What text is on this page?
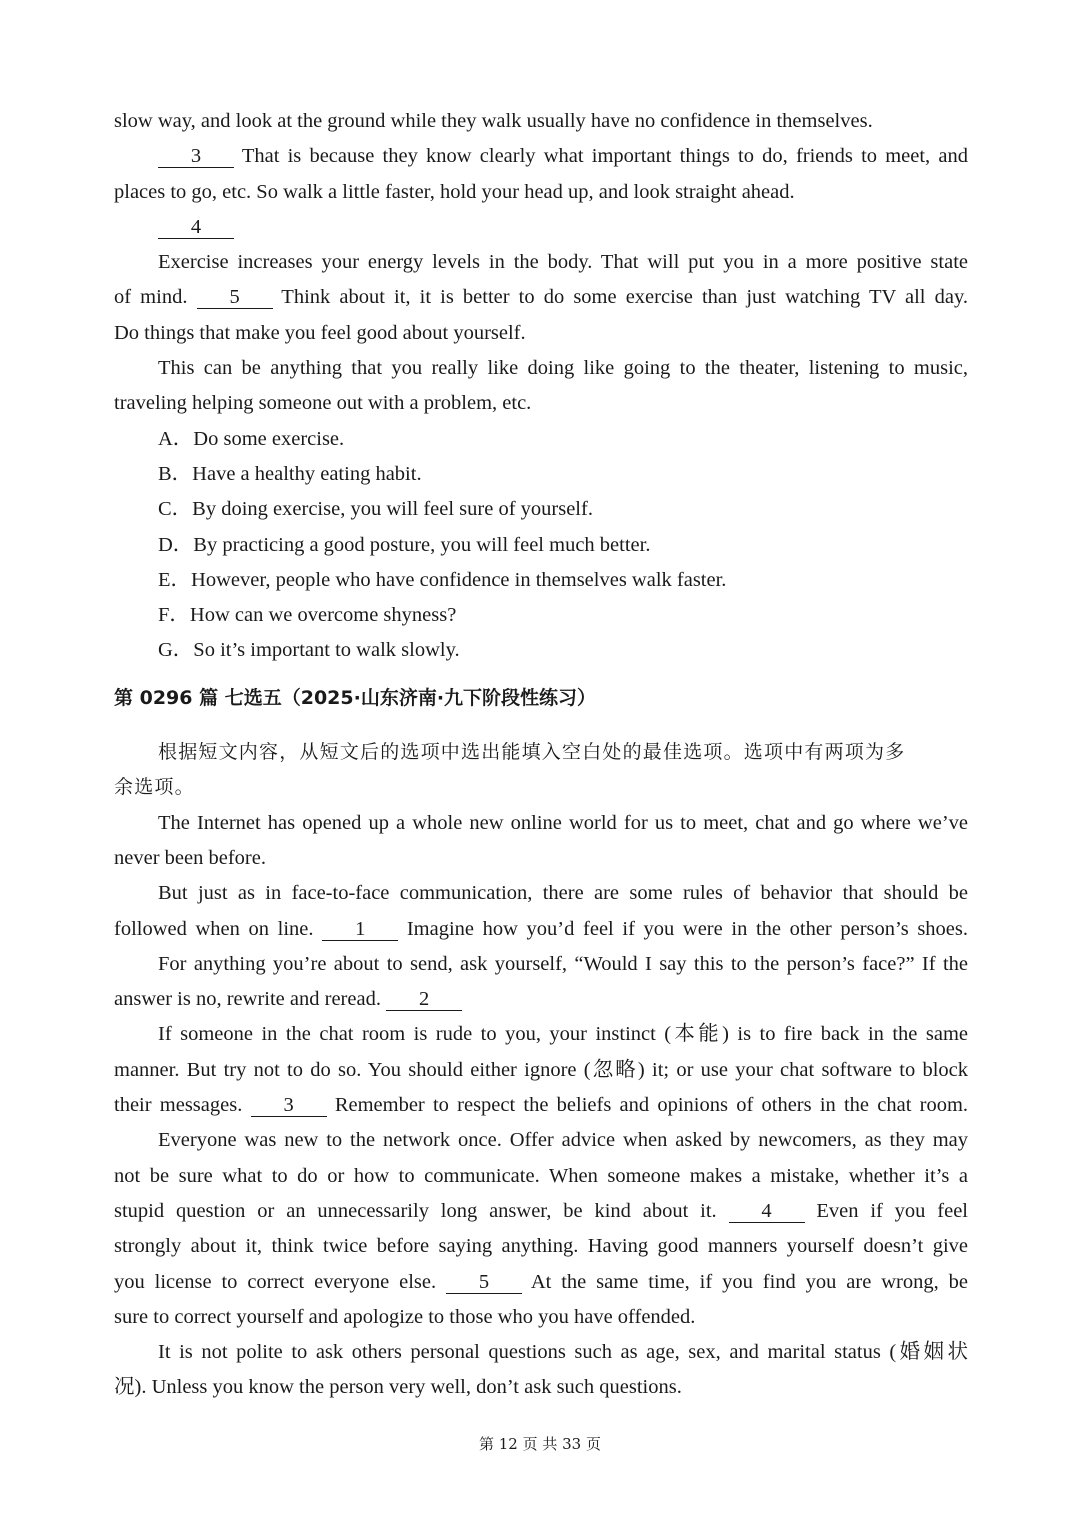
slow way, and look at the ground while they walk usually have no confidence in themselves.

3 That is because they know clearly what important things to do, friends to meet, and

places to go, etc. So walk a little faster, hold your head up, and look straight ahead.

4

Exercise increases your energy levels in the body. That will put you in a more positive state

of mind. 5 Think about it, it is better to do some exercise than just watching TV all day.

Do things that make you feel good about yourself.

This can be anything that you really like doing like going to the theater, listening to music,

traveling helping someone out with a problem, etc.

A．Do some exercise.

B．Have a healthy eating habit.

C．By doing exercise, you will feel sure of yourself.

D．By practicing a good posture, you will feel much better.

E．However, people who have confidence in themselves walk faster.

F．How can we overcome shyness?

G．So it’s important to walk slowly.

第 0296 篇 七选五（2025·山东济南·九下阶段性练习）

根据短文内容，从短文后的选项中选出能填入空白处的最佳选项。选项中有两项为多

余选项。

The Internet has opened up a whole new online world for us to meet, chat and go where we’ve

never been before.

But just as in face-to-face communication, there are some rules of behavior that should be

followed when on line. 1 Imagine how you’d feel if you were in the other person’s shoes.

For anything you’re about to send, ask yourself, “Would I say this to the person’s face?” If the

answer is no, rewrite and reread. 2

If someone in the chat room is rude to you, your instinct (本能) is to fire back in the same

manner. But try not to do so. You should either ignore (忽略) it; or use your chat software to block

their messages. 3 Remember to respect the beliefs and opinions of others in the chat room.

Everyone was new to the network once. Offer advice when asked by newcomers, as they may

not be sure what to do or how to communicate. When someone makes a mistake, whether it’s a

stupid question or an unnecessarily long answer, be kind about it. 4 Even if you feel

strongly about it, think twice before saying anything. Having good manners yourself doesn’t give

you license to correct everyone else. 5 At the same time, if you find you are wrong, be

sure to correct yourself and apologize to those who you have offended.

It is not polite to ask others personal questions such as age, sex, and marital status (婚姻状

况). Unless you know the person very well, don’t ask such questions.

第 12 页 共 33 页
